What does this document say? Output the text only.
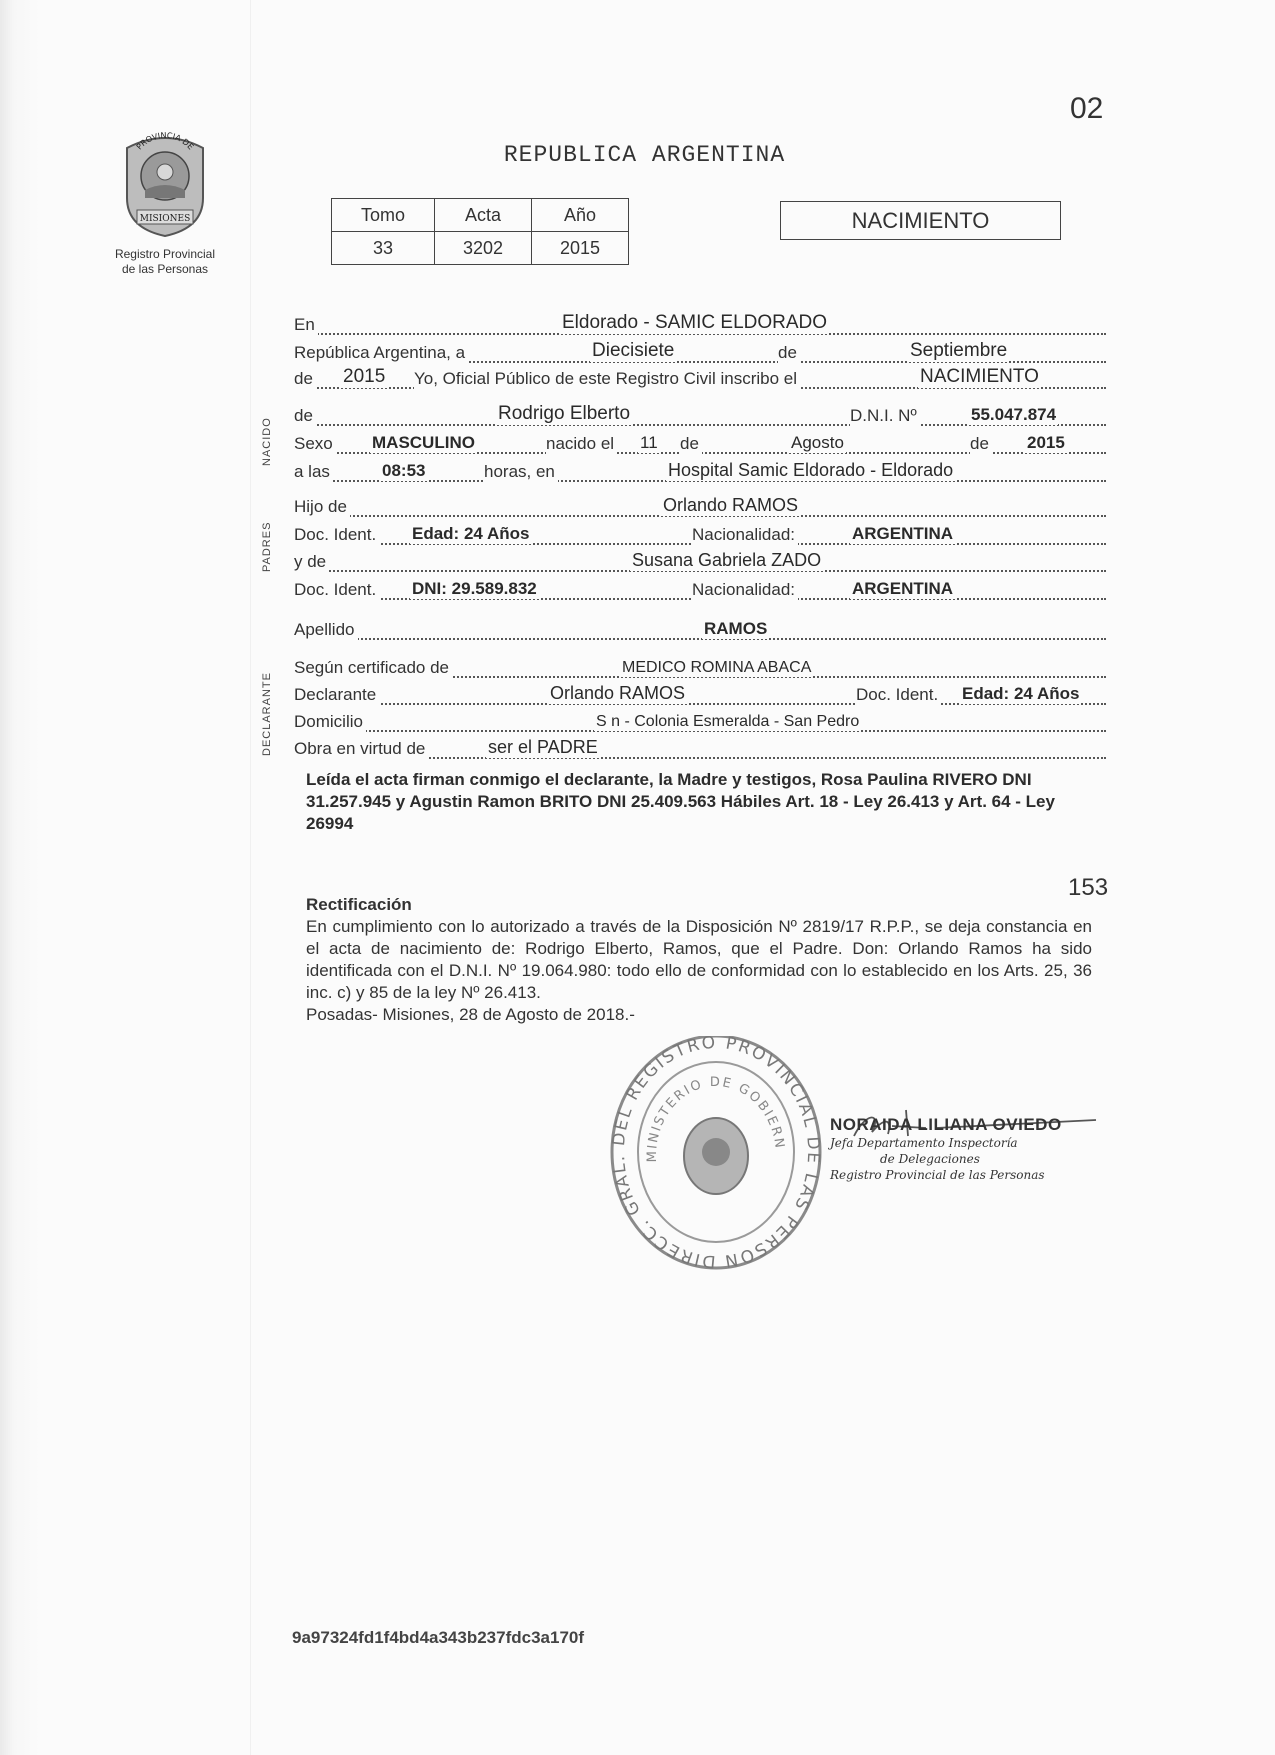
02
PROVINCIA DE
MISIONES
Registro Provincial
de las Personas
REPUBLICA ARGENTINA
Tomo	Acta	Año
33	3202	2015
NACIMIENTO
NACIDO
PADRES
DECLARANTE
En	Eldorado - SAMIC ELDORADO
República Argentina, a	Diecisiete	de	Septiembre
de 2015 Yo, Oficial Público de este Registro Civil inscribo el	NACIMIENTO
de	Rodrigo Elberto	D.N.I. Nº	55.047.874
Sexo MASCULINO	nacido el 11 de	Agosto	de 2015
a las	08:53	horas, en	Hospital Samic Eldorado - Eldorado
Hijo de	Orlando RAMOS
Doc. Ident. Edad: 24 Años	Nacionalidad:	ARGENTINA
y de	Susana Gabriela ZADO
Doc. Ident. DNI: 29.589.832	Nacionalidad:	ARGENTINA
Apellido	RAMOS
Según certificado de	MEDICO ROMINA ABACA
Declarante	Orlando RAMOS	Doc. Ident. Edad: 24 Años
Domicilio	S n - Colonia Esmeralda - San Pedro
Obra en virtud de	ser el PADRE
Leída el acta firman conmigo el declarante, la Madre y testigos, Rosa Paulina RIVERO DNI 31.257.945 y Agustin Ramon BRITO DNI 25.409.563 Hábiles Art. 18 - Ley 26.413 y Art. 64 - Ley 26994
153
Rectificación
En cumplimiento con lo autorizado a través de la Disposición Nº 2819/17 R.P.P., se deja constancia en el acta de nacimiento de: Rodrigo Elberto, Ramos, que el Padre. Don: Orlando Ramos ha sido identificada con el D.N.I. Nº 19.064.980: todo ello de conformidad con lo establecido en los Arts. 25, 36 inc. c) y 85 de la ley Nº 26.413.
Posadas- Misiones, 28 de Agosto de 2018.-
DIRECC. GRAL. DEL REGISTRO PROVINCIAL DE LAS PERSON
MINISTERIO DE GOBIERN
NORAIDA LILIANA OVIEDO
Jefa Departamento Inspectoría
de Delegaciones
Registro Provincial de las Personas
9a97324fd1f4bd4a343b237fdc3a170f
